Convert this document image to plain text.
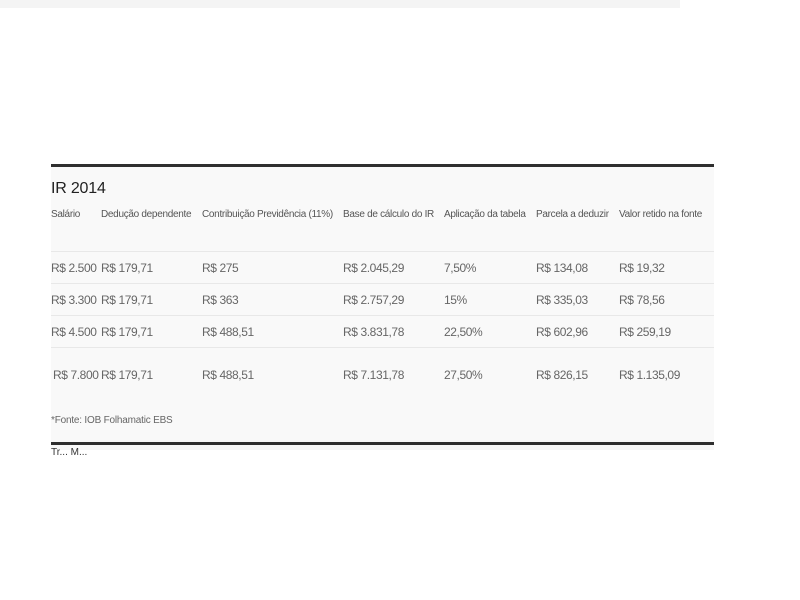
IR 2014
Salário	Dedução dependente	Contribuição Previdência (11%)	Base de cálculo do IR	Aplicação da tabela	Parcela a deduzir	Valor retido na fonte
R$ 2.500	R$ 179,71	R$ 275	R$ 2.045,29	7,50%	R$ 134,08	R$ 19,32
R$ 3.300	R$ 179,71	R$ 363	R$ 2.757,29	15%	R$ 335,03	R$ 78,56
R$ 4.500	R$ 179,71	R$ 488,51	R$ 3.831,78	22,50%	R$ 602,96	R$ 259,19
R$ 7.800	R$ 179,71	R$ 488,51	R$ 7.131,78	27,50%	R$ 826,15	R$ 1.135,09
*Fonte: IOB Folhamatic EBS
Tr... M...
